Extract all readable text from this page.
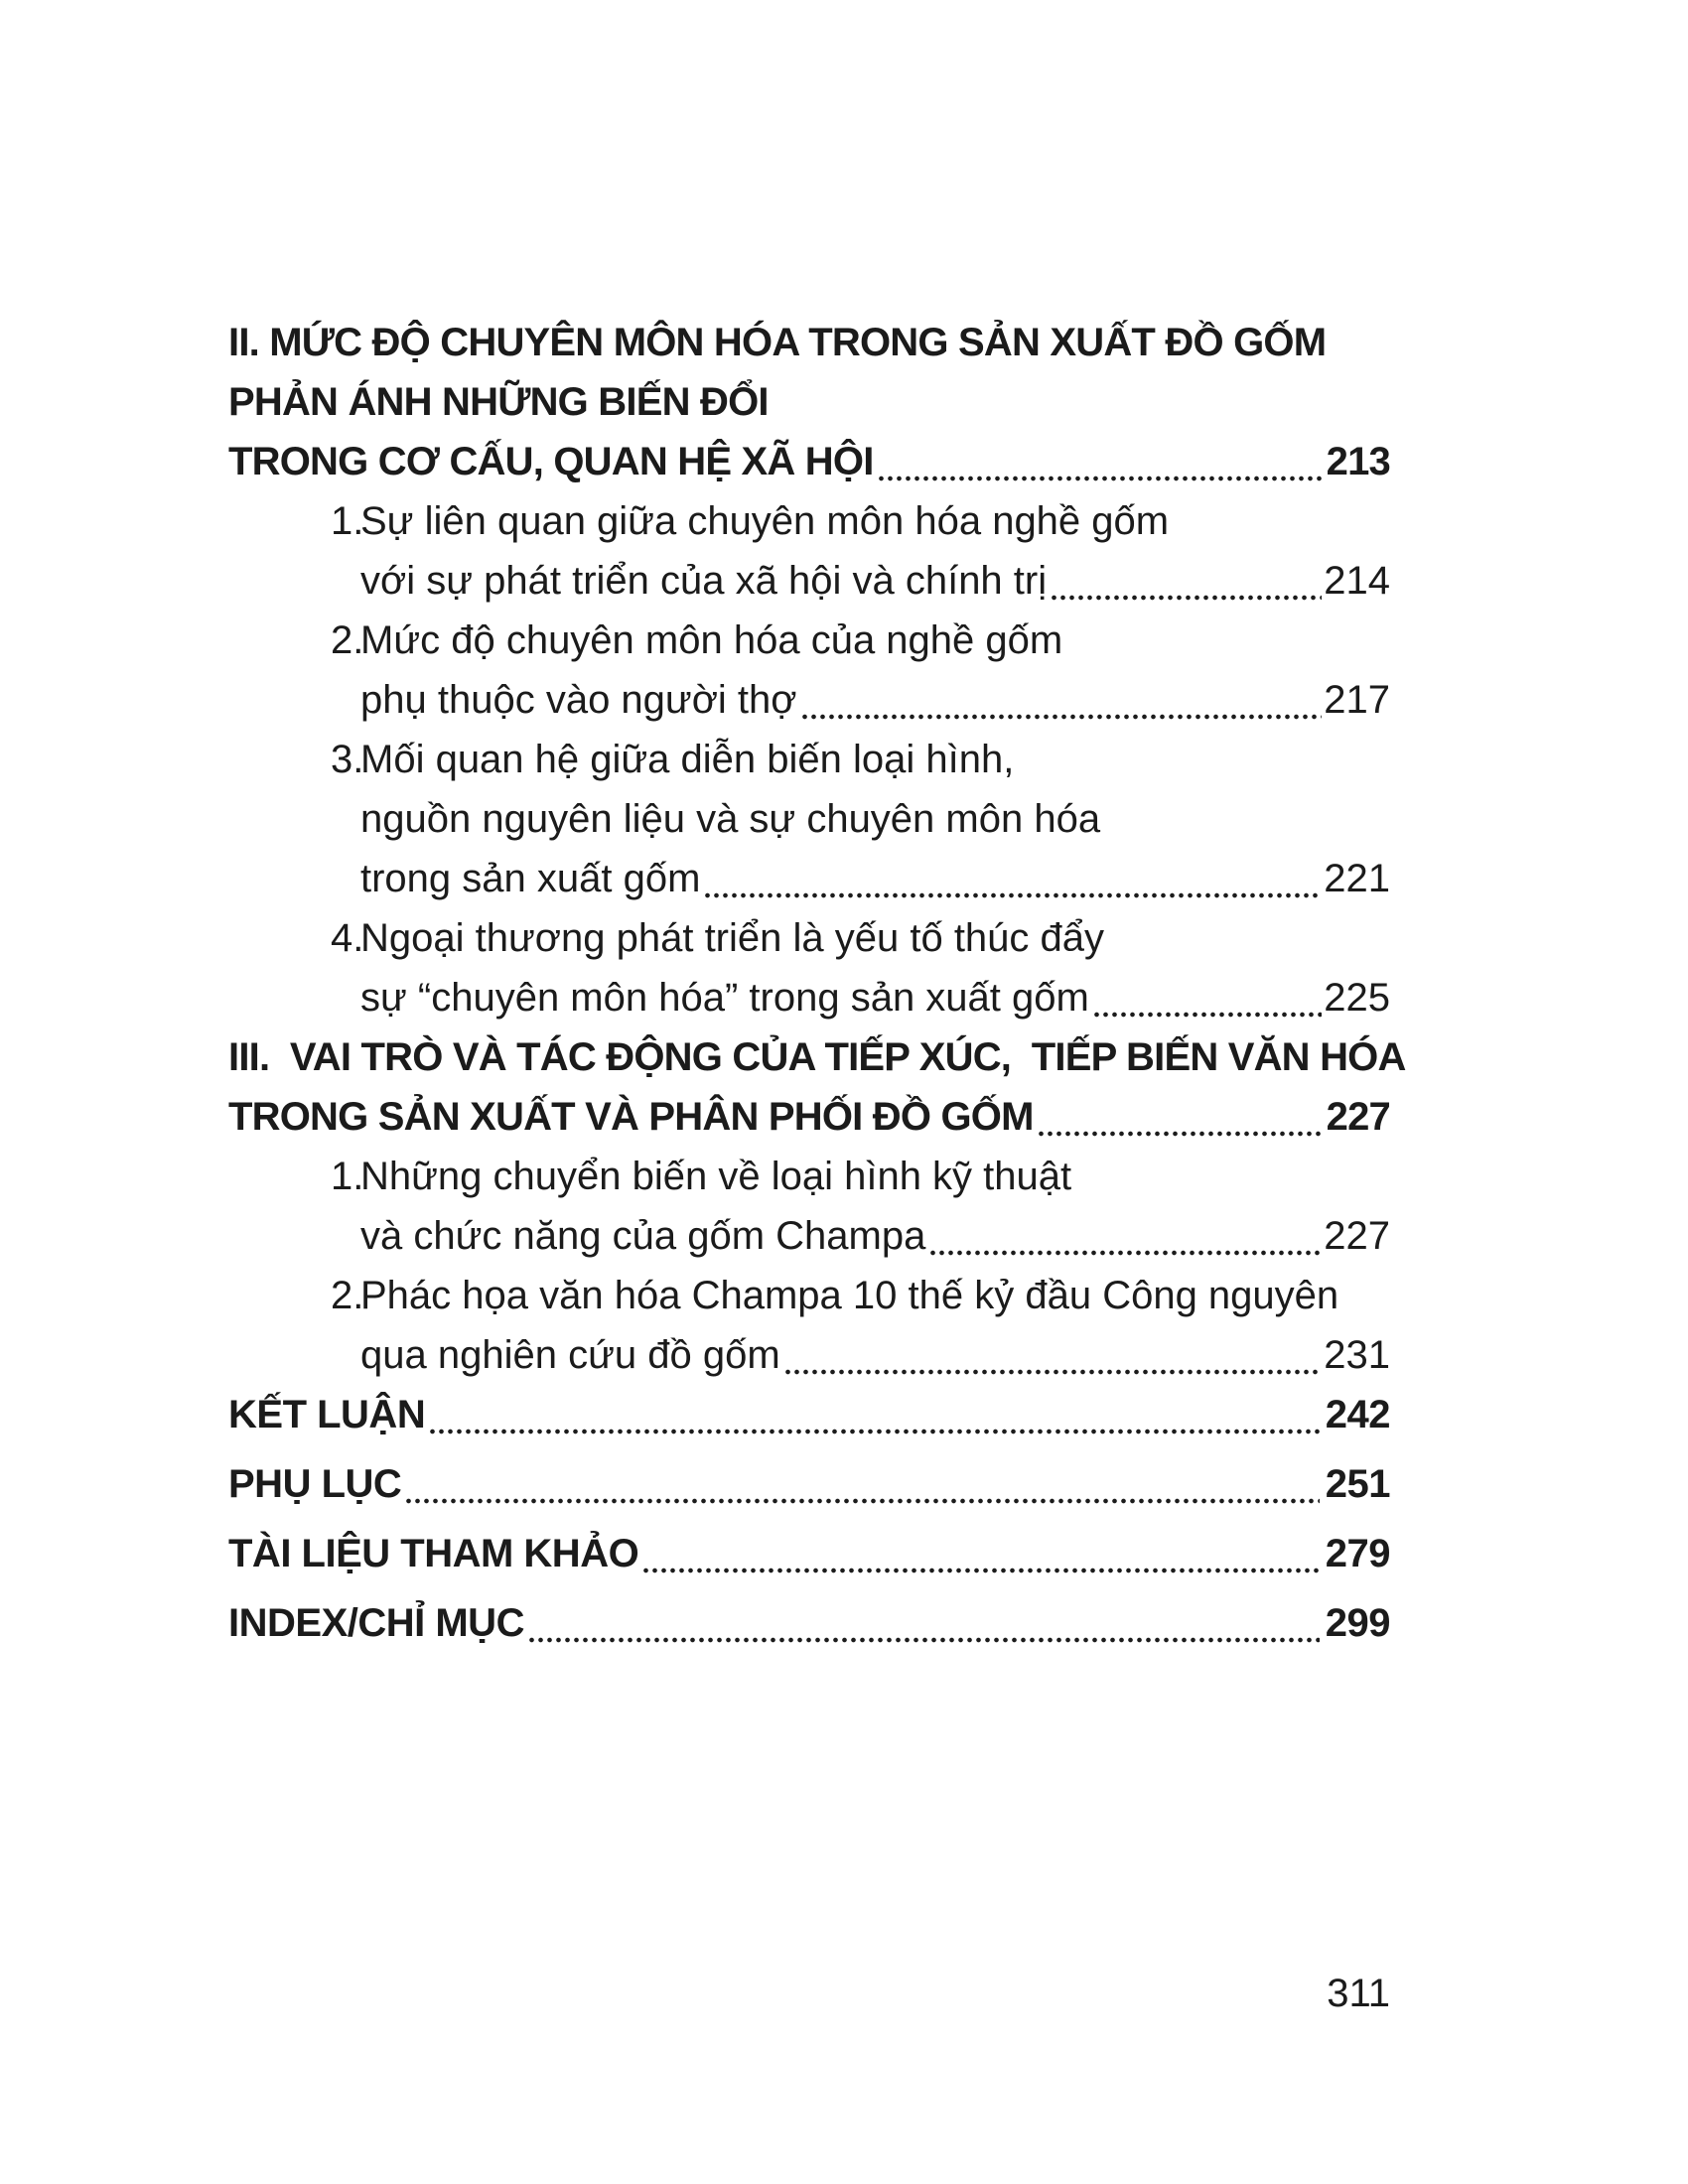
II. MỨC ĐỘ CHUYÊN MÔN HÓA TRONG SẢN XUẤT ĐỒ GỐM
PHẢN ÁNH NHỮNG BIẾN ĐỔI
TRONG CƠ CẤU, QUAN HỆ XÃ HỘI	213
1.
Sự liên quan giữa chuyên môn hóa nghề gốm
với sự phát triển của xã hội và chính trị	214
2.
Mức độ chuyên môn hóa của nghề gốm
phụ thuộc vào người thợ	217
3.
Mối quan hệ giữa diễn biến loại hình,
nguồn nguyên liệu và sự chuyên môn hóa
trong sản xuất gốm	221
4.
Ngoại thương phát triển là yếu tố thúc đẩy
sự “chuyên môn hóa” trong sản xuất gốm	225
III.  VAI TRÒ VÀ TÁC ĐỘNG CỦA TIẾP XÚC,  TIẾP BIẾN VĂN HÓA
TRONG SẢN XUẤT VÀ PHÂN PHỐI ĐỒ GỐM	227
1.
Những chuyển biến về loại hình kỹ thuật
và chức năng của gốm Champa	227
2.
Phác họa văn hóa Champa 10 thế kỷ đầu Công nguyên
qua nghiên cứu đồ gốm	231
KẾT LUẬN	242
PHỤ LỤC	251
TÀI LIỆU THAM KHẢO	279
INDEX/CHỈ MỤC	299
311
